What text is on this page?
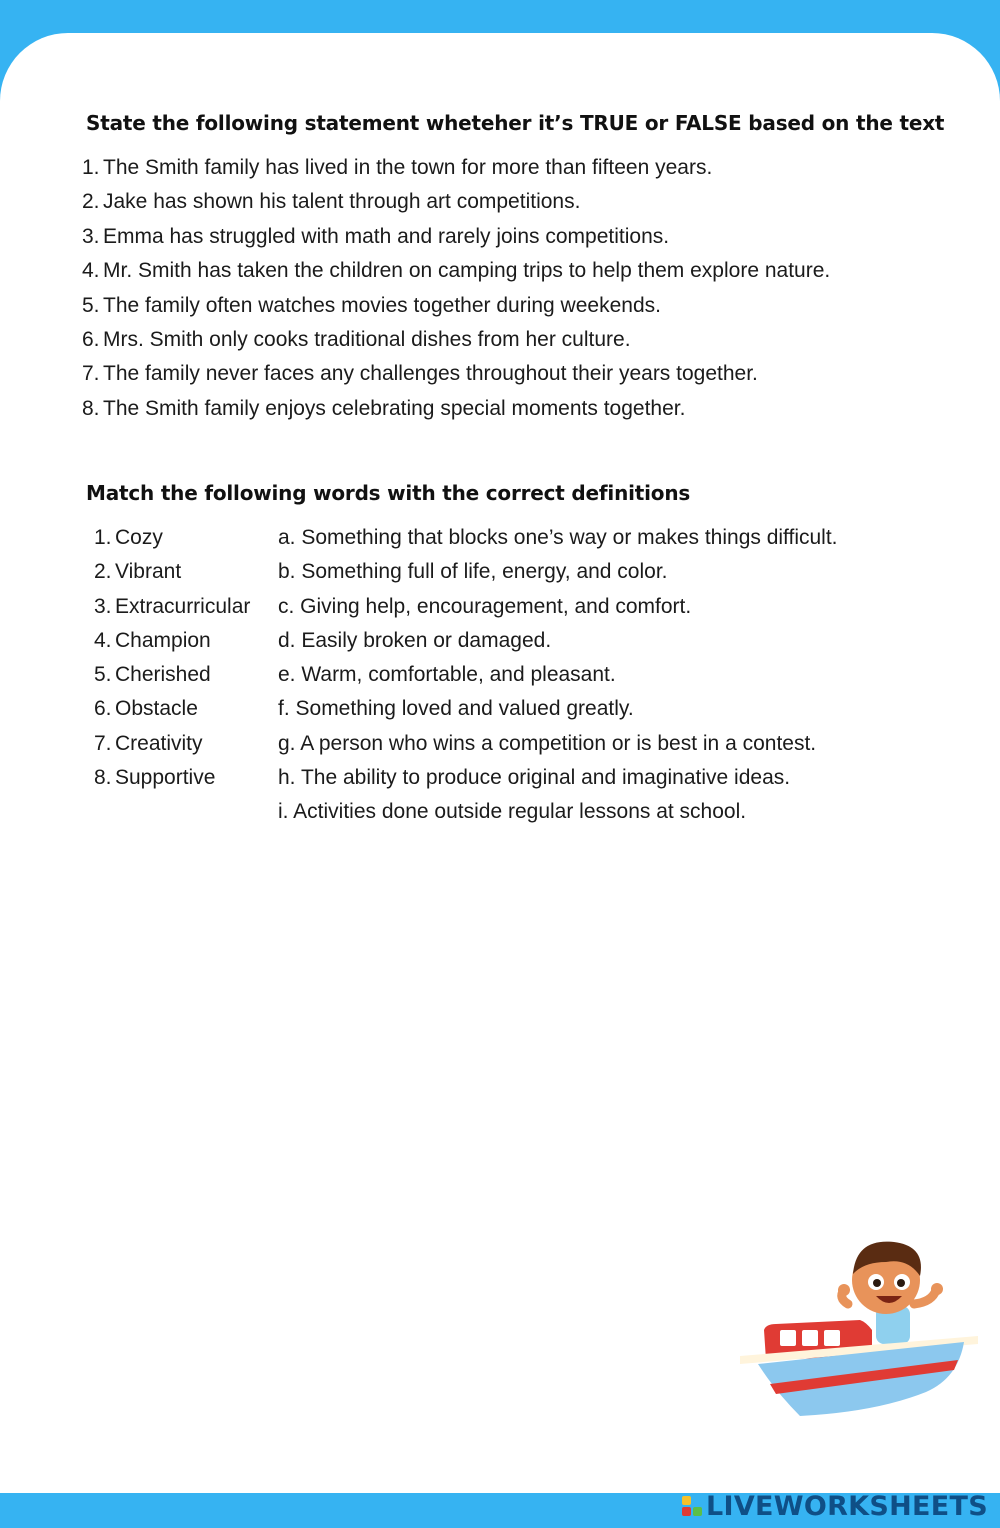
State the following statement wheteher it’s TRUE or FALSE based on the text
1. The Smith family has lived in the town for more than fifteen years.
2. Jake has shown his talent through art competitions.
3. Emma has struggled with math and rarely joins competitions.
4. Mr. Smith has taken the children on camping trips to help them explore nature.
5. The family often watches movies together during weekends.
6. Mrs. Smith only cooks traditional dishes from her culture.
7. The family never faces any challenges throughout their years together.
8. The Smith family enjoys celebrating special moments together.
Match the following words with the correct definitions
1. Cozy
2. Vibrant
3. Extracurricular
4. Champion
5. Cherished
6. Obstacle
7. Creativity
8. Supportive
a. Something that blocks one’s way or makes things difficult.
b. Something full of life, energy, and color.
c. Giving help, encouragement, and comfort.
d. Easily broken or damaged.
e. Warm, comfortable, and pleasant.
f. Something loved and valued greatly.
g. A person who wins a competition or is best in a contest.
h. The ability to produce original and imaginative ideas.
i. Activities done outside regular lessons at school.
LIVEWORKSHEETS
